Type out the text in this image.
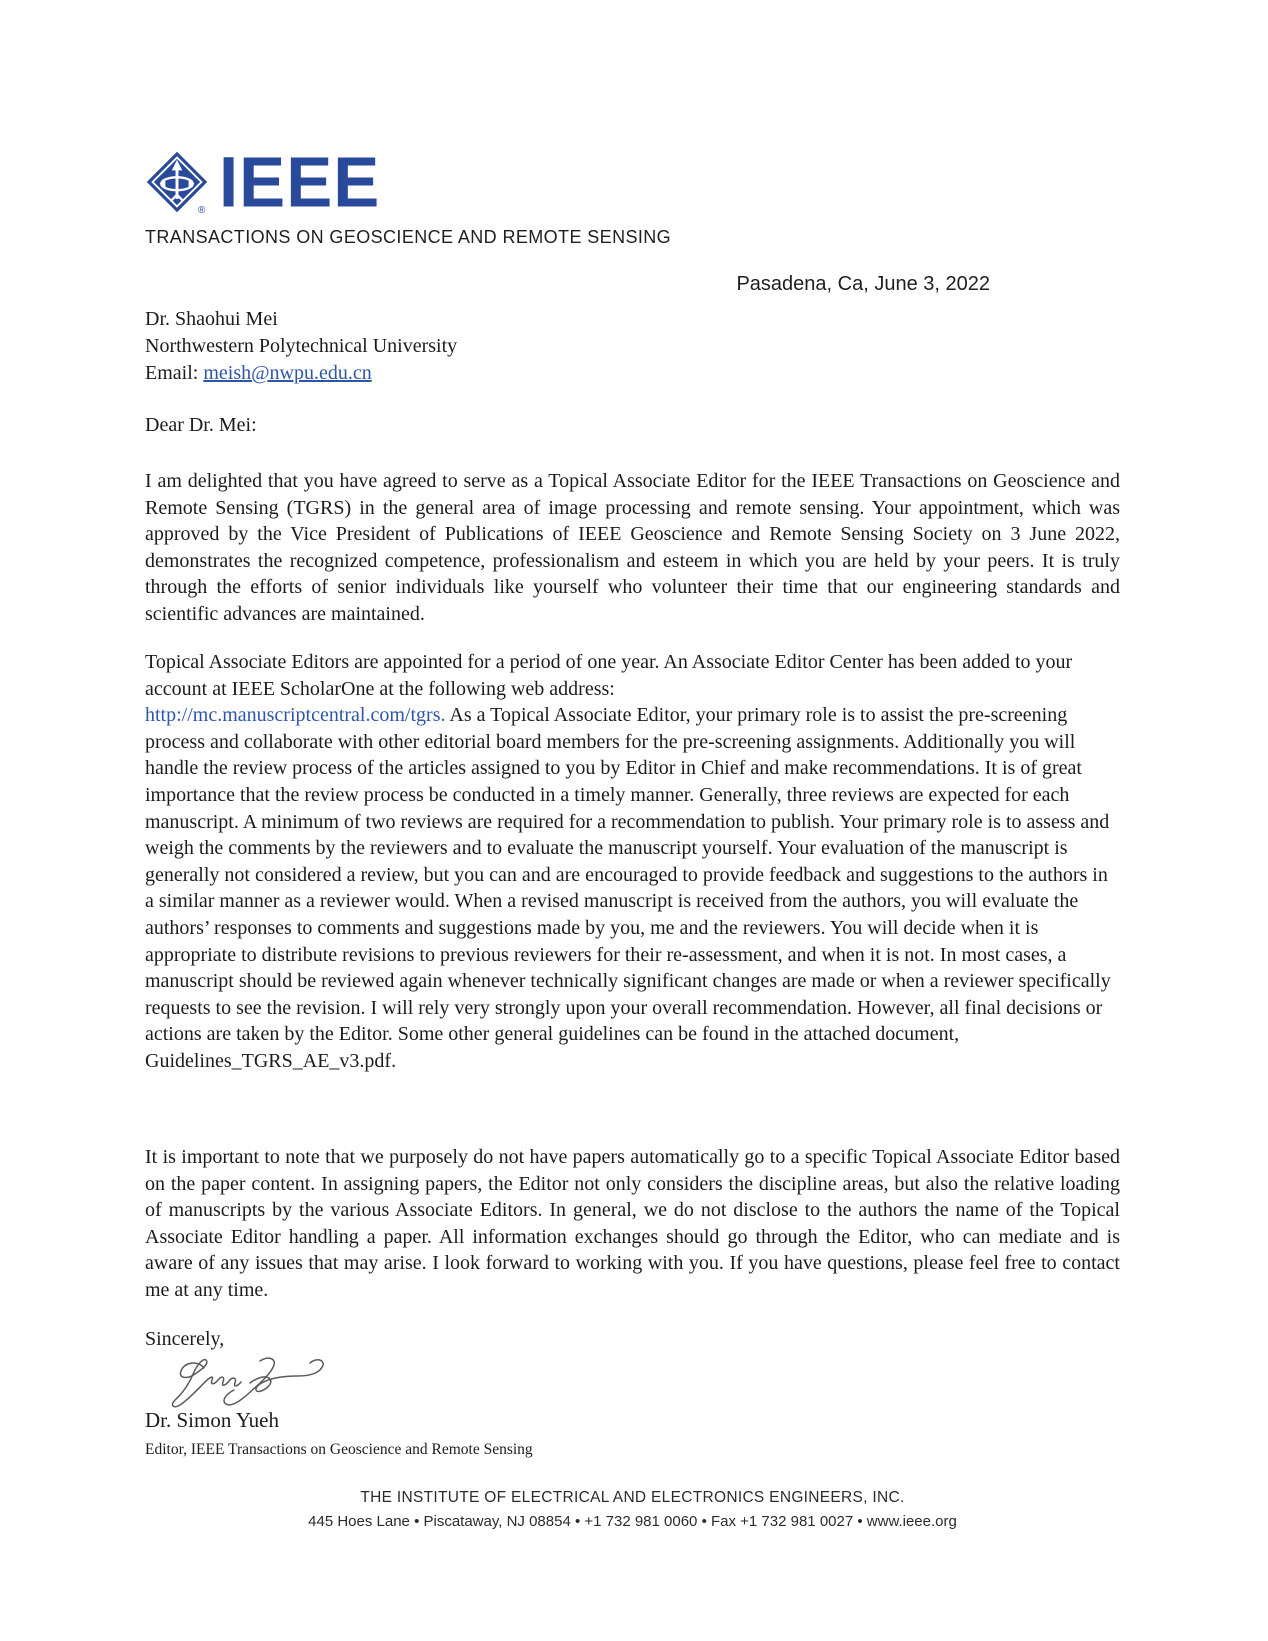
IEEE
®
TRANSACTIONS ON GEOSCIENCE AND REMOTE SENSING
Pasadena, Ca, June 3, 2022
Dr. Shaohui Mei
Northwestern Polytechnical University
Email: meish@nwpu.edu.cn
Dear Dr. Mei:
I am delighted that you have agreed to serve as a Topical Associate Editor for the IEEE Transactions on Geoscience and Remote Sensing (TGRS) in the general area of image processing and remote sensing. Your appointment, which was approved by the Vice President of Publications of IEEE Geoscience and Remote Sensing Society on 3 June 2022, demonstrates the recognized competence, professionalism and esteem in which you are held by your peers. It is truly through the efforts of senior individuals like yourself who volunteer their time that our engineering standards and scientific advances are maintained.
Topical Associate Editors are appointed for a period of one year. An Associate Editor Center has been added to your account at IEEE ScholarOne at the following web address:
http://mc.manuscriptcentral.com/tgrs. As a Topical Associate Editor, your primary role is to assist the pre-screening process and collaborate with other editorial board members for the pre-screening assignments. Additionally you will handle the review process of the articles assigned to you by Editor in Chief and make recommendations. It is of great importance that the review process be conducted in a timely manner. Generally, three reviews are expected for each manuscript. A minimum of two reviews are required for a recommendation to publish. Your primary role is to assess and weigh the comments by the reviewers and to evaluate the manuscript yourself. Your evaluation of the manuscript is generally not considered a review, but you can and are encouraged to provide feedback and suggestions to the authors in a similar manner as a reviewer would. When a revised manuscript is received from the authors, you will evaluate the authors’ responses to comments and suggestions made by you, me and the reviewers. You will decide when it is appropriate to distribute revisions to previous reviewers for their re-assessment, and when it is not. In most cases, a manuscript should be reviewed again whenever technically significant changes are made or when a reviewer specifically requests to see the revision. I will rely very strongly upon your overall recommendation. However, all final decisions or actions are taken by the Editor. Some other general guidelines can be found in the attached document, Guidelines_TGRS_AE_v3.pdf.
It is important to note that we purposely do not have papers automatically go to a specific Topical Associate Editor based on the paper content. In assigning papers, the Editor not only considers the discipline areas, but also the relative loading of manuscripts by the various Associate Editors. In general, we do not disclose to the authors the name of the Topical Associate Editor handling a paper. All information exchanges should go through the Editor, who can mediate and is aware of any issues that may arise. I look forward to working with you. If you have questions, please feel free to contact me at any time.
Sincerely,
Dr. Simon Yueh
Editor, IEEE Transactions on Geoscience and Remote Sensing
THE INSTITUTE OF ELECTRICAL AND ELECTRONICS ENGINEERS, INC.
445 Hoes Lane • Piscataway, NJ 08854 • +1 732 981 0060 • Fax +1 732 981 0027 • www.ieee.org
